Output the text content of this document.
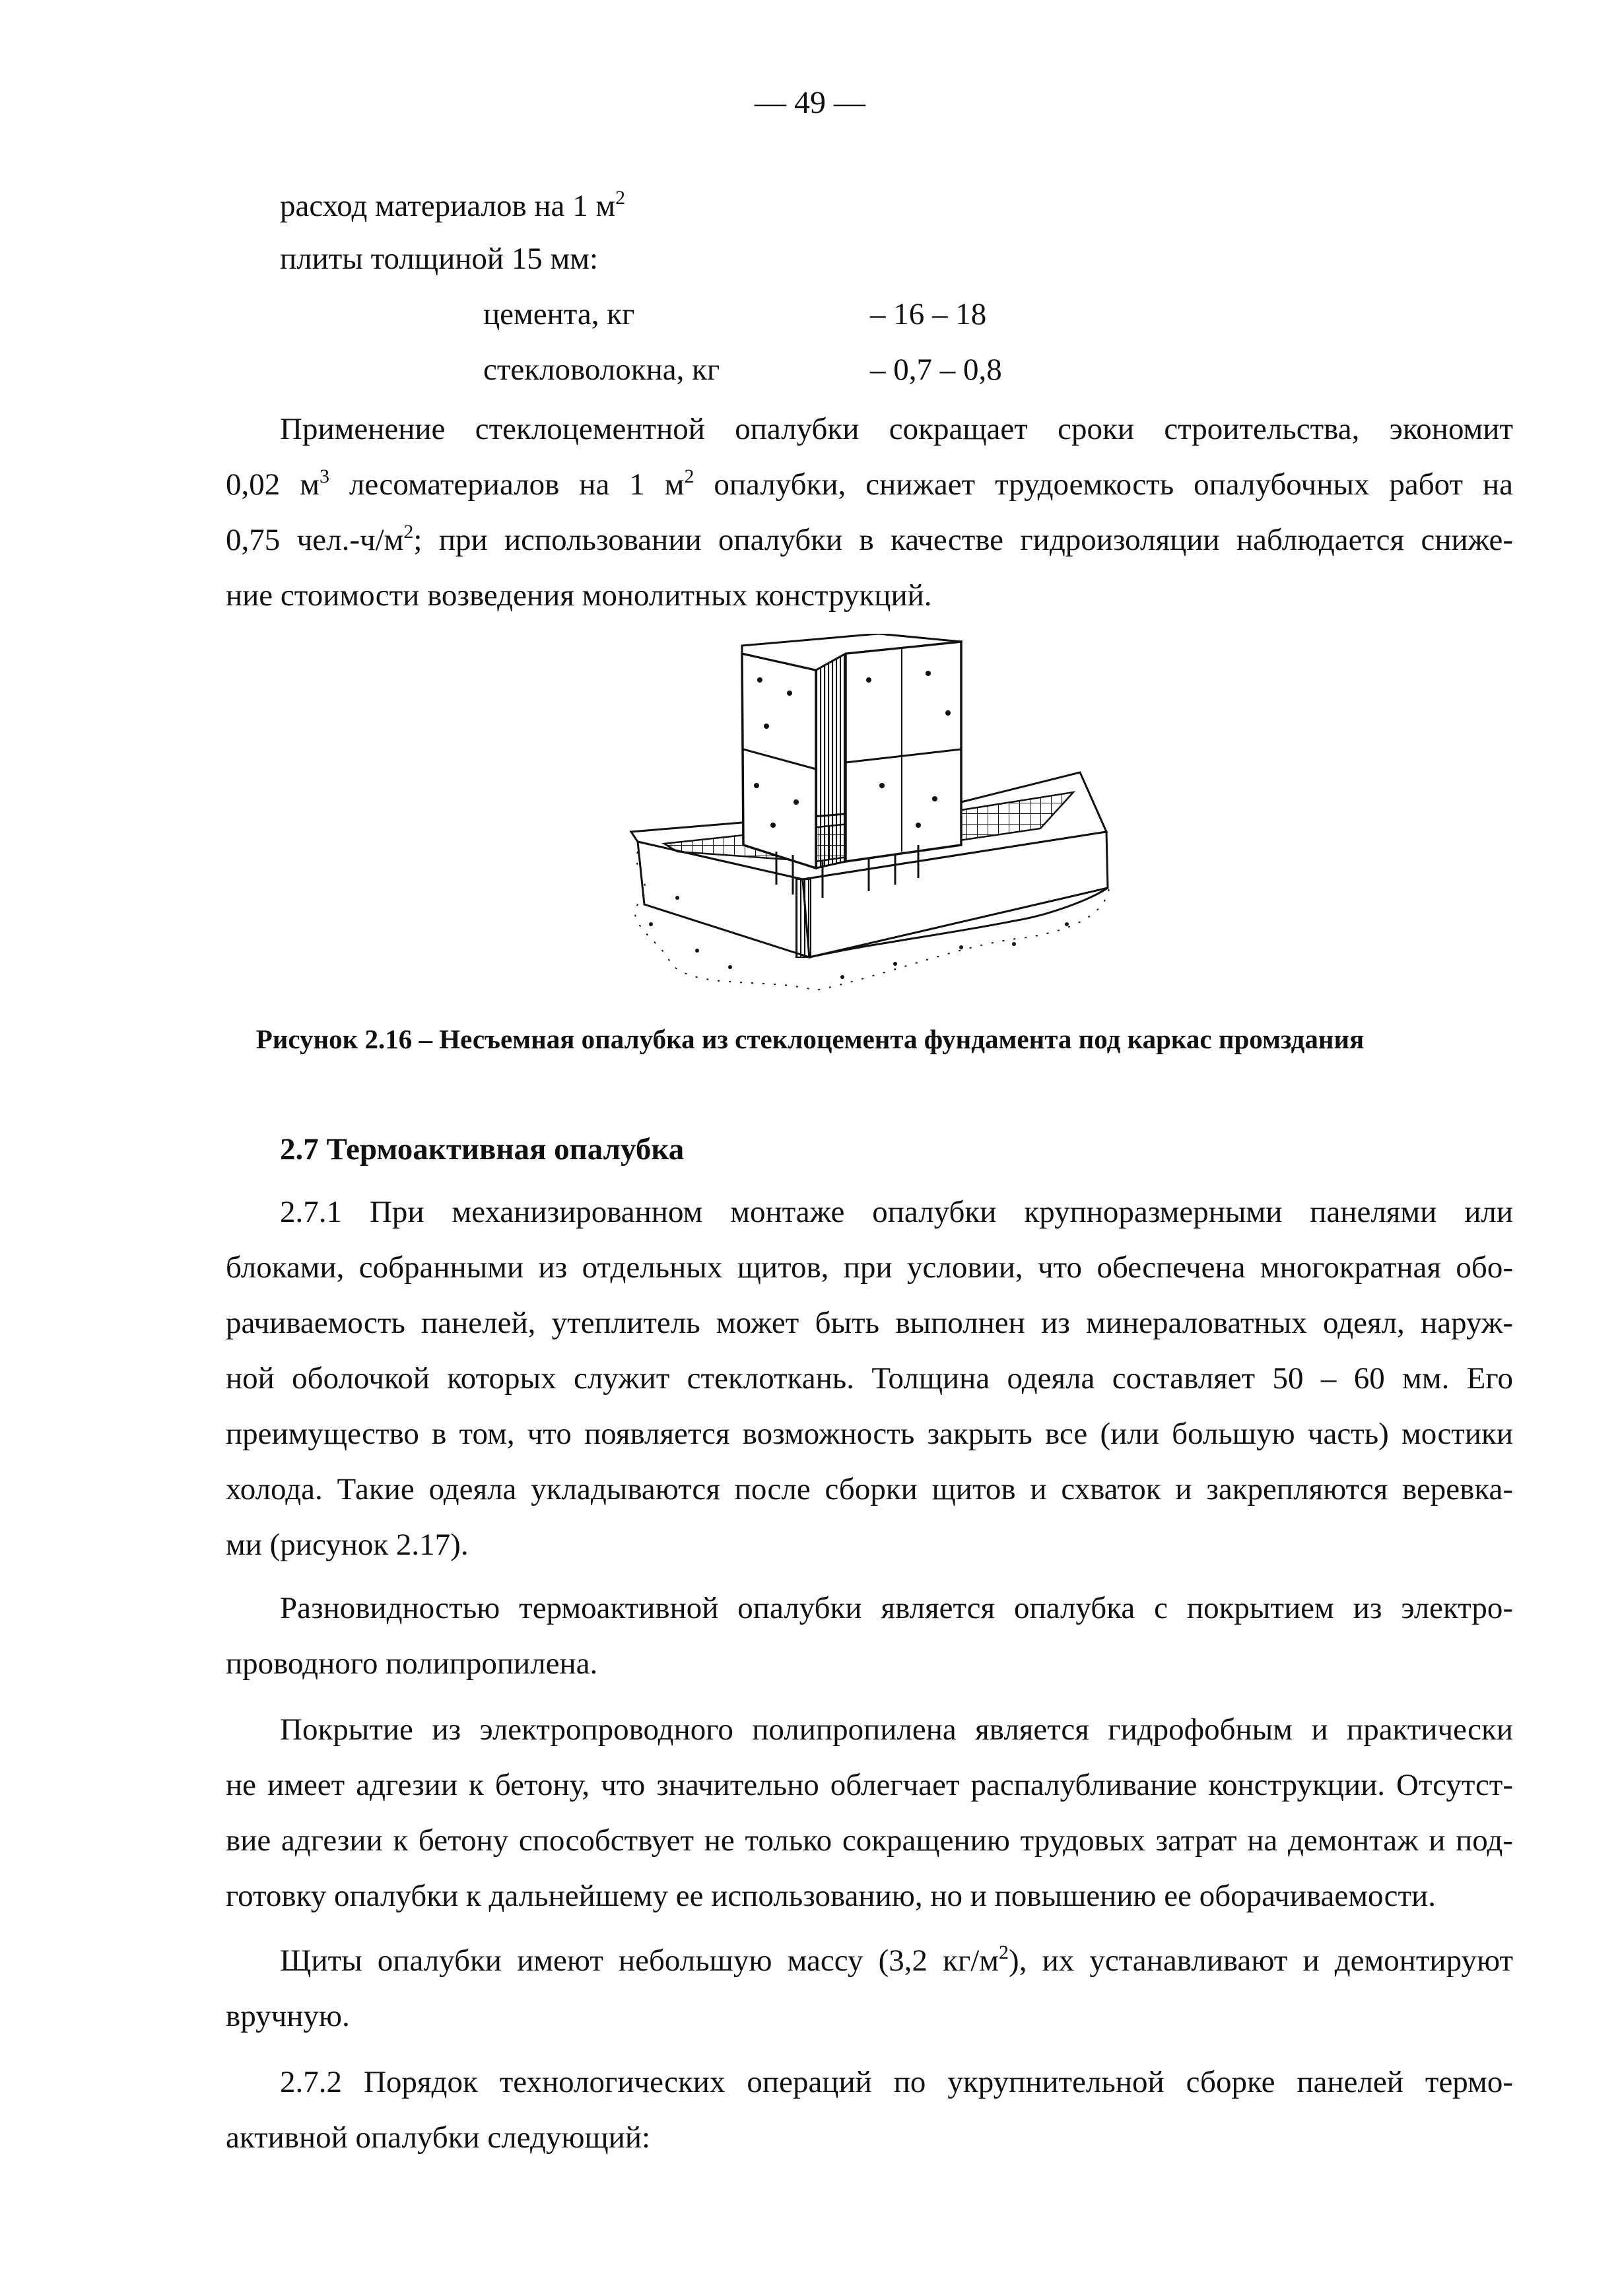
— 49 —
расход материалов на 1 $м^2$
плиты толщиной 15 мм:
цемента, кг	– 16 – 18
стекловолокна, кг	– 0,7 – 0,8
Применение стеклоцементной опалубки сокращает сроки строительства, экономит
0,02 $м^3$ лесоматериалов на 1 $м^2$ опалубки, снижает трудоемкость опалубочных работ на
0,75 $чел.-ч/м^2$; при использовании опалубки в качестве гидроизоляции наблюдается сниже-
ние стоимости возведения монолитных конструкций.
Рисунок 2.16 – Несъемная опалубка из стеклоцемента фундамента под каркас промздания
2.7 Термоактивная опалубка
2.7.1 При механизированном монтаже опалубки крупноразмерными панелями или
блоками, собранными из отдельных щитов, при условии, что обеспечена многократная обо-
рачиваемость панелей, утеплитель может быть выполнен из минераловатных одеял, наруж-
ной оболочкой которых служит стеклоткань. Толщина одеяла составляет 50 – 60 мм. Его
преимущество в том, что появляется возможность закрыть все (или большую часть) мостики
холода. Такие одеяла укладываются после сборки щитов и схваток и закрепляются веревка-
ми (рисунок 2.17).
Разновидностью термоактивной опалубки является опалубка с покрытием из электро-
проводного полипропилена.
Покрытие из электропроводного полипропилена является гидрофобным и практически
не имеет адгезии к бетону, что значительно облегчает распалубливание конструкции. Отсутст-
вие адгезии к бетону способствует не только сокращению трудовых затрат на демонтаж и под-
готовку опалубки к дальнейшему ее использованию, но и повышению ее оборачиваемости.
Щиты опалубки имеют небольшую массу (3,2 $кг/м^2$), их устанавливают и демонтируют
вручную.
2.7.2 Порядок технологических операций по укрупнительной сборке панелей термо-
активной опалубки следующий:
